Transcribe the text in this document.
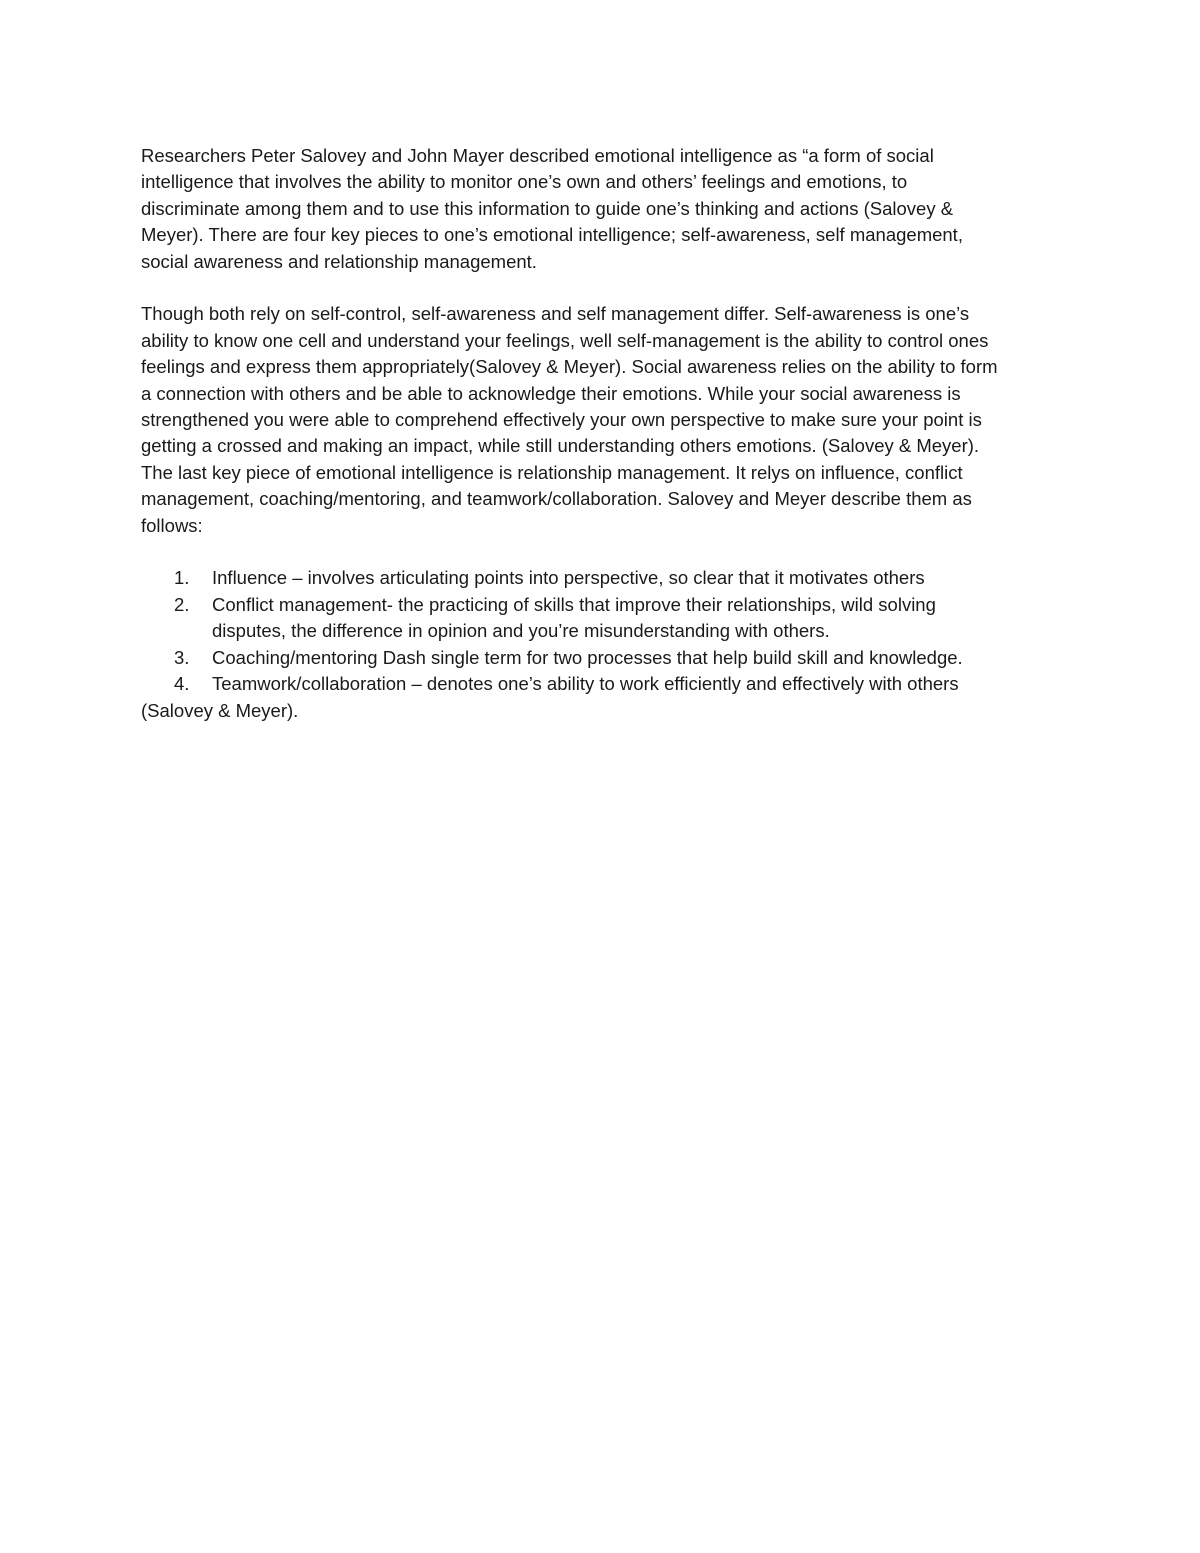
Researchers Peter Salovey and John Mayer described emotional intelligence as “a form of social
intelligence that involves the ability to monitor one’s own and others’ feelings and emotions, to
discriminate among them and to use this information to guide one’s thinking and actions (Salovey &
Meyer). There are four key pieces to one’s emotional intelligence; self-awareness, self management,
social awareness and relationship management.

Though both rely on self-control, self-awareness and self management differ. Self-awareness is one’s
ability to know one cell and understand your feelings, well self-management is the ability to control ones
feelings and express them appropriately(Salovey & Meyer). Social awareness relies on the ability to form
a connection with others and be able to acknowledge their emotions. While your social awareness is
strengthened you were able to comprehend effectively your own perspective to make sure your point is
getting a crossed and making an impact, while still understanding others emotions. (Salovey & Meyer).
The last key piece of emotional intelligence is relationship management. It relys on influence, conflict
management, coaching/mentoring, and teamwork/collaboration. Salovey and Meyer describe them as
follows:

1. Influence – involves articulating points into perspective, so clear that it motivates others
2. Conflict management- the practicing of skills that improve their relationships, wild solving
disputes, the difference in opinion and you’re misunderstanding with others.
3. Coaching/mentoring Dash single term for two processes that help build skill and knowledge.
4. Teamwork/collaboration – denotes one’s ability to work efficiently and effectively with others
(Salovey & Meyer).
